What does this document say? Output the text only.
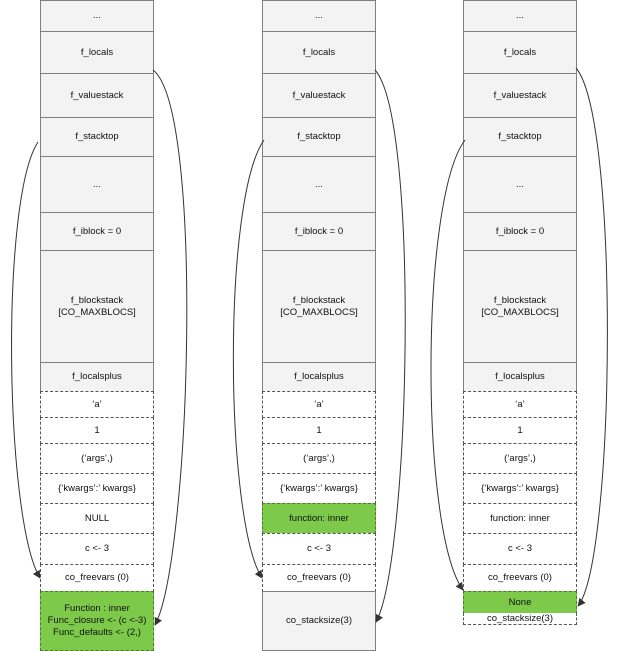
...
f_locals
f_valuestack
f_stacktop
...
f_iblock = 0
f_blockstack
[CO_MAXBLOCS]
f_localsplus
‘a’
1
(‘args’,)
{‘kwargs’:’ kwargs}
NULL
c <- 3
co_freevars (0)
Function : inner
Func_closure <- (c <-3)
Func_defaults <- (2,)
...
f_locals
f_valuestack
f_stacktop
...
f_iblock = 0
f_blockstack
[CO_MAXBLOCS]
f_localsplus
‘a’
1
(‘args’,)
{‘kwargs’:’ kwargs}
function: inner
c <- 3
co_freevars (0)
co_stacksize(3)
...
f_locals
f_valuestack
f_stacktop
...
f_iblock = 0
f_blockstack
[CO_MAXBLOCS]
f_localsplus
‘a’
1
(‘args’,)
{‘kwargs’:’ kwargs}
function: inner
c <- 3
co_freevars (0)
None
co_stacksize(3)
